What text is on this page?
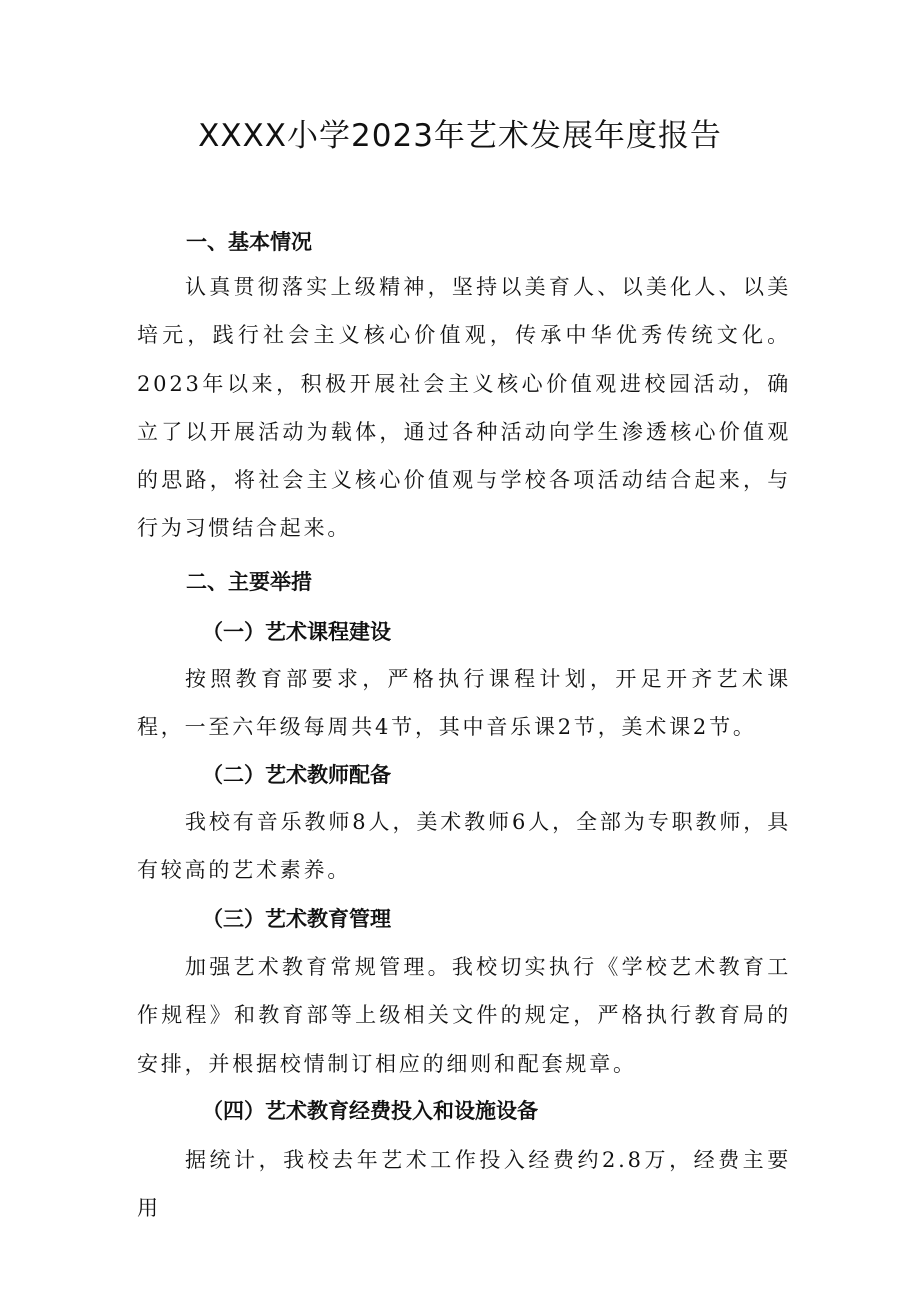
XXXX小学2023年艺术发展年度报告
一、基本情况

认真贯彻落实上级精神，坚持以美育人、以美化人、以美培元，践行社会主义核心价值观，传承中华优秀传统文化。2023年以来，积极开展社会主义核心价值观进校园活动，确立了以开展活动为载体，通过各种活动向学生渗透核心价值观的思路，将社会主义核心价值观与学校各项活动结合起来，与行为习惯结合起来。

二、主要举措
（一）艺术课程建设

按照教育部要求，严格执行课程计划，开足开齐艺术课程，一至六年级每周共4节，其中音乐课2节，美术课2节。

（二）艺术教师配备

我校有音乐教师8人，美术教师6人，全部为专职教师，具有较高的艺术素养。

（三）艺术教育管理

加强艺术教育常规管理。我校切实执行《学校艺术教育工作规程》和教育部等上级相关文件的规定，严格执行教育局的安排，并根据校情制订相应的细则和配套规章。

（四）艺术教育经费投入和设施设备

据统计，我校去年艺术工作投入经费约2.8万，经费主要用
